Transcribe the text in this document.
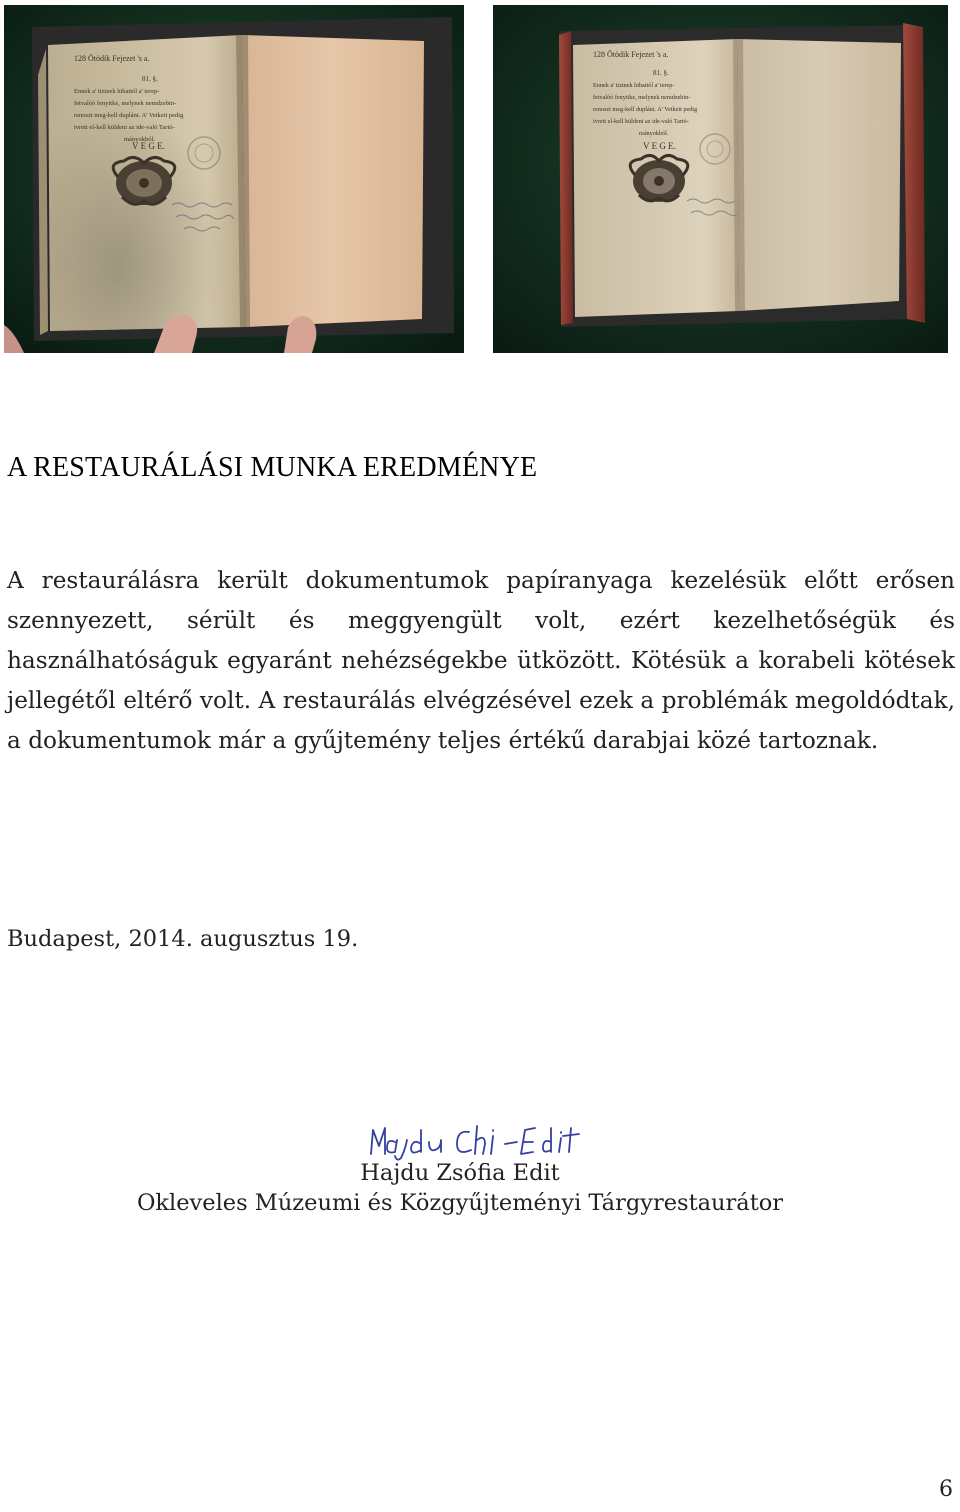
128 Ötödik Fejezet 's a.
81. §.
Ennek a' tiztnek hibattól a' terep-
fetvalóó fenyitke, melynek nemdzebin-
renoszt meg-kell dupláni. A' Vetkeit pedig
ivrett el-kell küldeni az ide-való Tartó-
mányokból.
V E G E.
128 Ötödik Fejezet 's a.
81. §.
Ennek a' tiztnek hibattól a' terep-
fetvalóó fenyitke, melynek nemdzebin-
renoszt meg-kell dupláni. A' Vetkeit pedig
ivrett el-kell küldeni az ide-való Tartó-
mányokból.
V E G E.
A RESTAURÁLÁSI MUNKA EREDMÉNYE

A restaurálásra került dokumentumok papíranyaga kezelésük előtt erősen szennyezett, sérült és meggyengült volt, ezért kezelhetőségük és használhatóságuk egyaránt nehézségekbe ütközött. Kötésük a korabeli kötések jellegétől eltérő volt. A restaurálás elvégzésével ezek a problémák megoldódtak, a dokumentumok már a gyűjtemény teljes értékű darabjai közé tartoznak.

Budapest, 2014. augusztus 19.

Hajdu Zsófia Edit
Okleveles Múzeumi és Közgyűjteményi Tárgyrestaurátor
6
